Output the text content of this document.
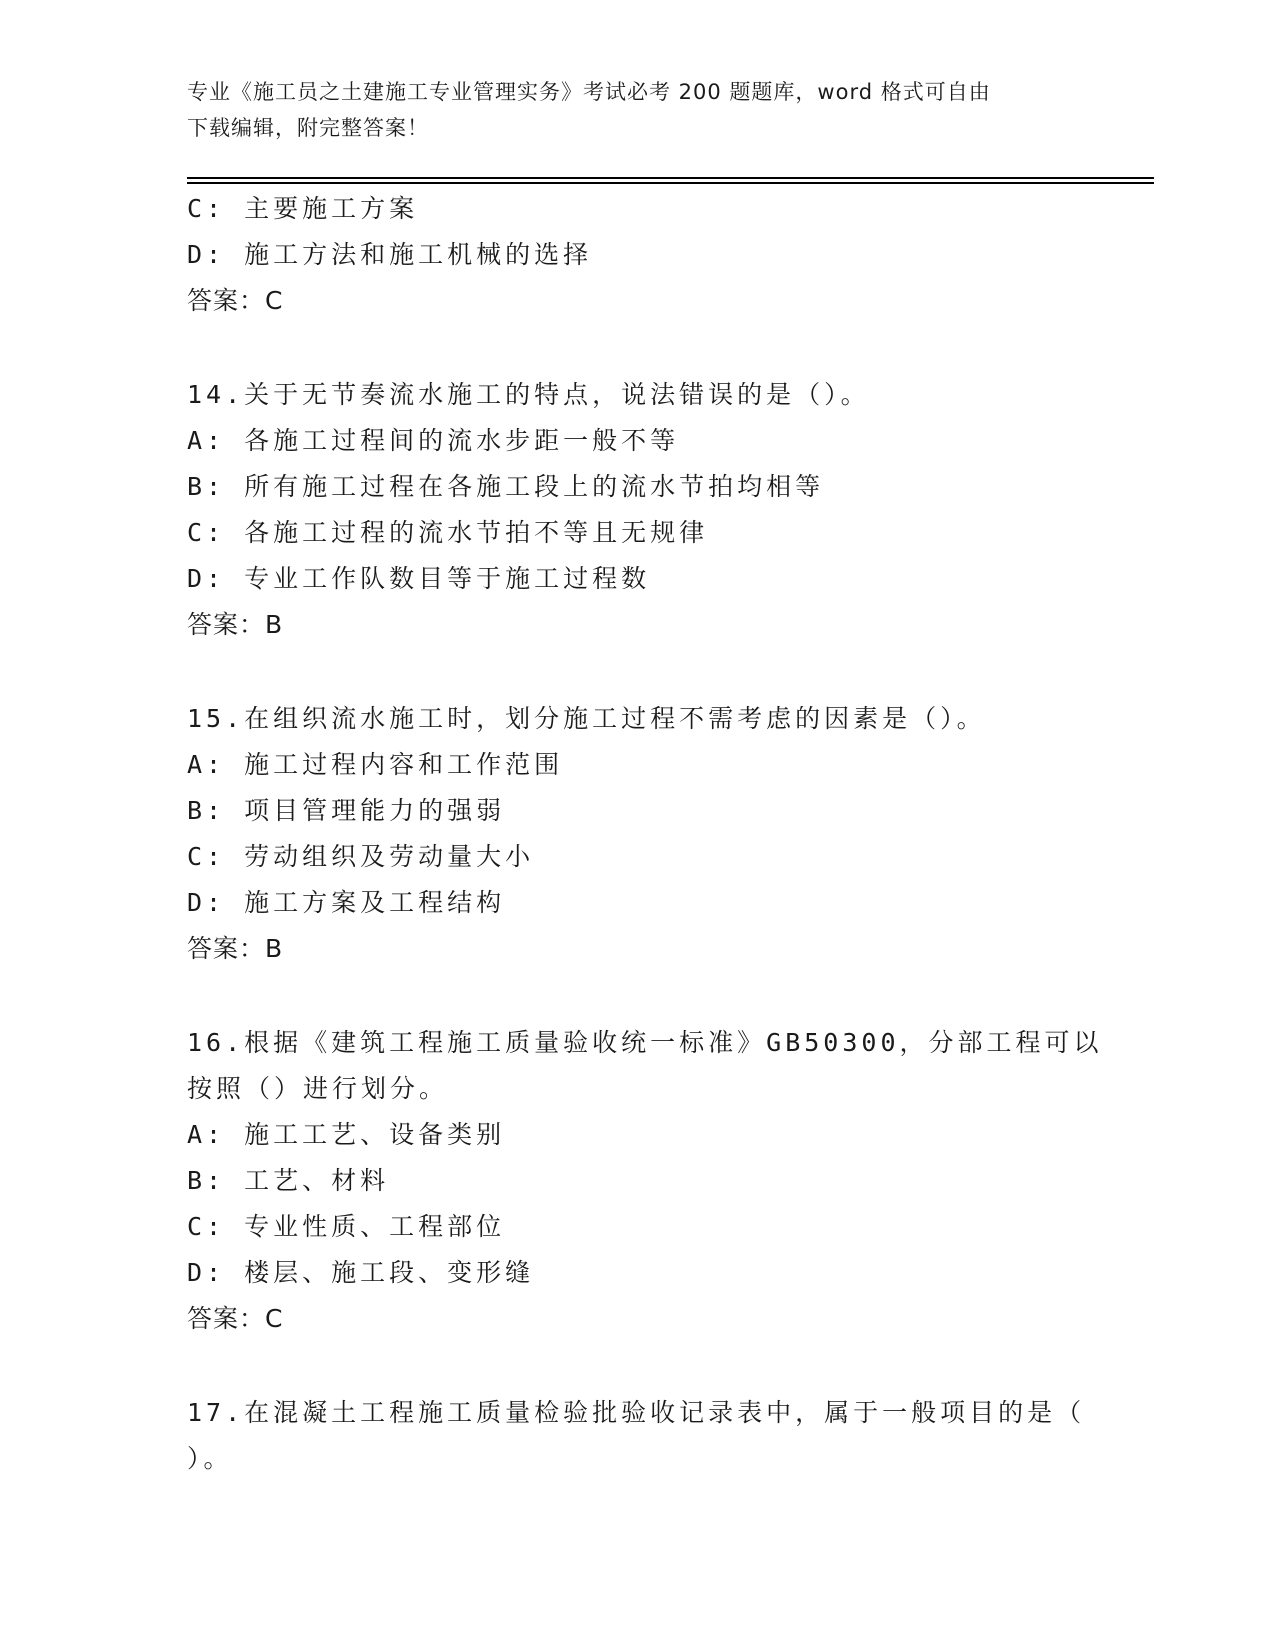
专业《施工员之土建施工专业管理实务》考试必考 200 题题库，word 格式可自由
下载编辑，附完整答案！
C: 主要施工方案
D: 施工方法和施工机械的选择
答案：C
14.关于无节奏流水施工的特点，说法错误的是（）。
A: 各施工过程间的流水步距一般不等
B: 所有施工过程在各施工段上的流水节拍均相等
C: 各施工过程的流水节拍不等且无规律
D: 专业工作队数目等于施工过程数
答案：B
15.在组织流水施工时，划分施工过程不需考虑的因素是（）。
A: 施工过程内容和工作范围
B: 项目管理能力的强弱
C: 劳动组织及劳动量大小
D: 施工方案及工程结构
答案：B
16.根据《建筑工程施工质量验收统一标准》GB50300，分部工程可以
按照（）进行划分。
A: 施工工艺、设备类别
B: 工艺、材料
C: 专业性质、工程部位
D: 楼层、施工段、变形缝
答案：C
17.在混凝土工程施工质量检验批验收记录表中，属于一般项目的是（
）。
